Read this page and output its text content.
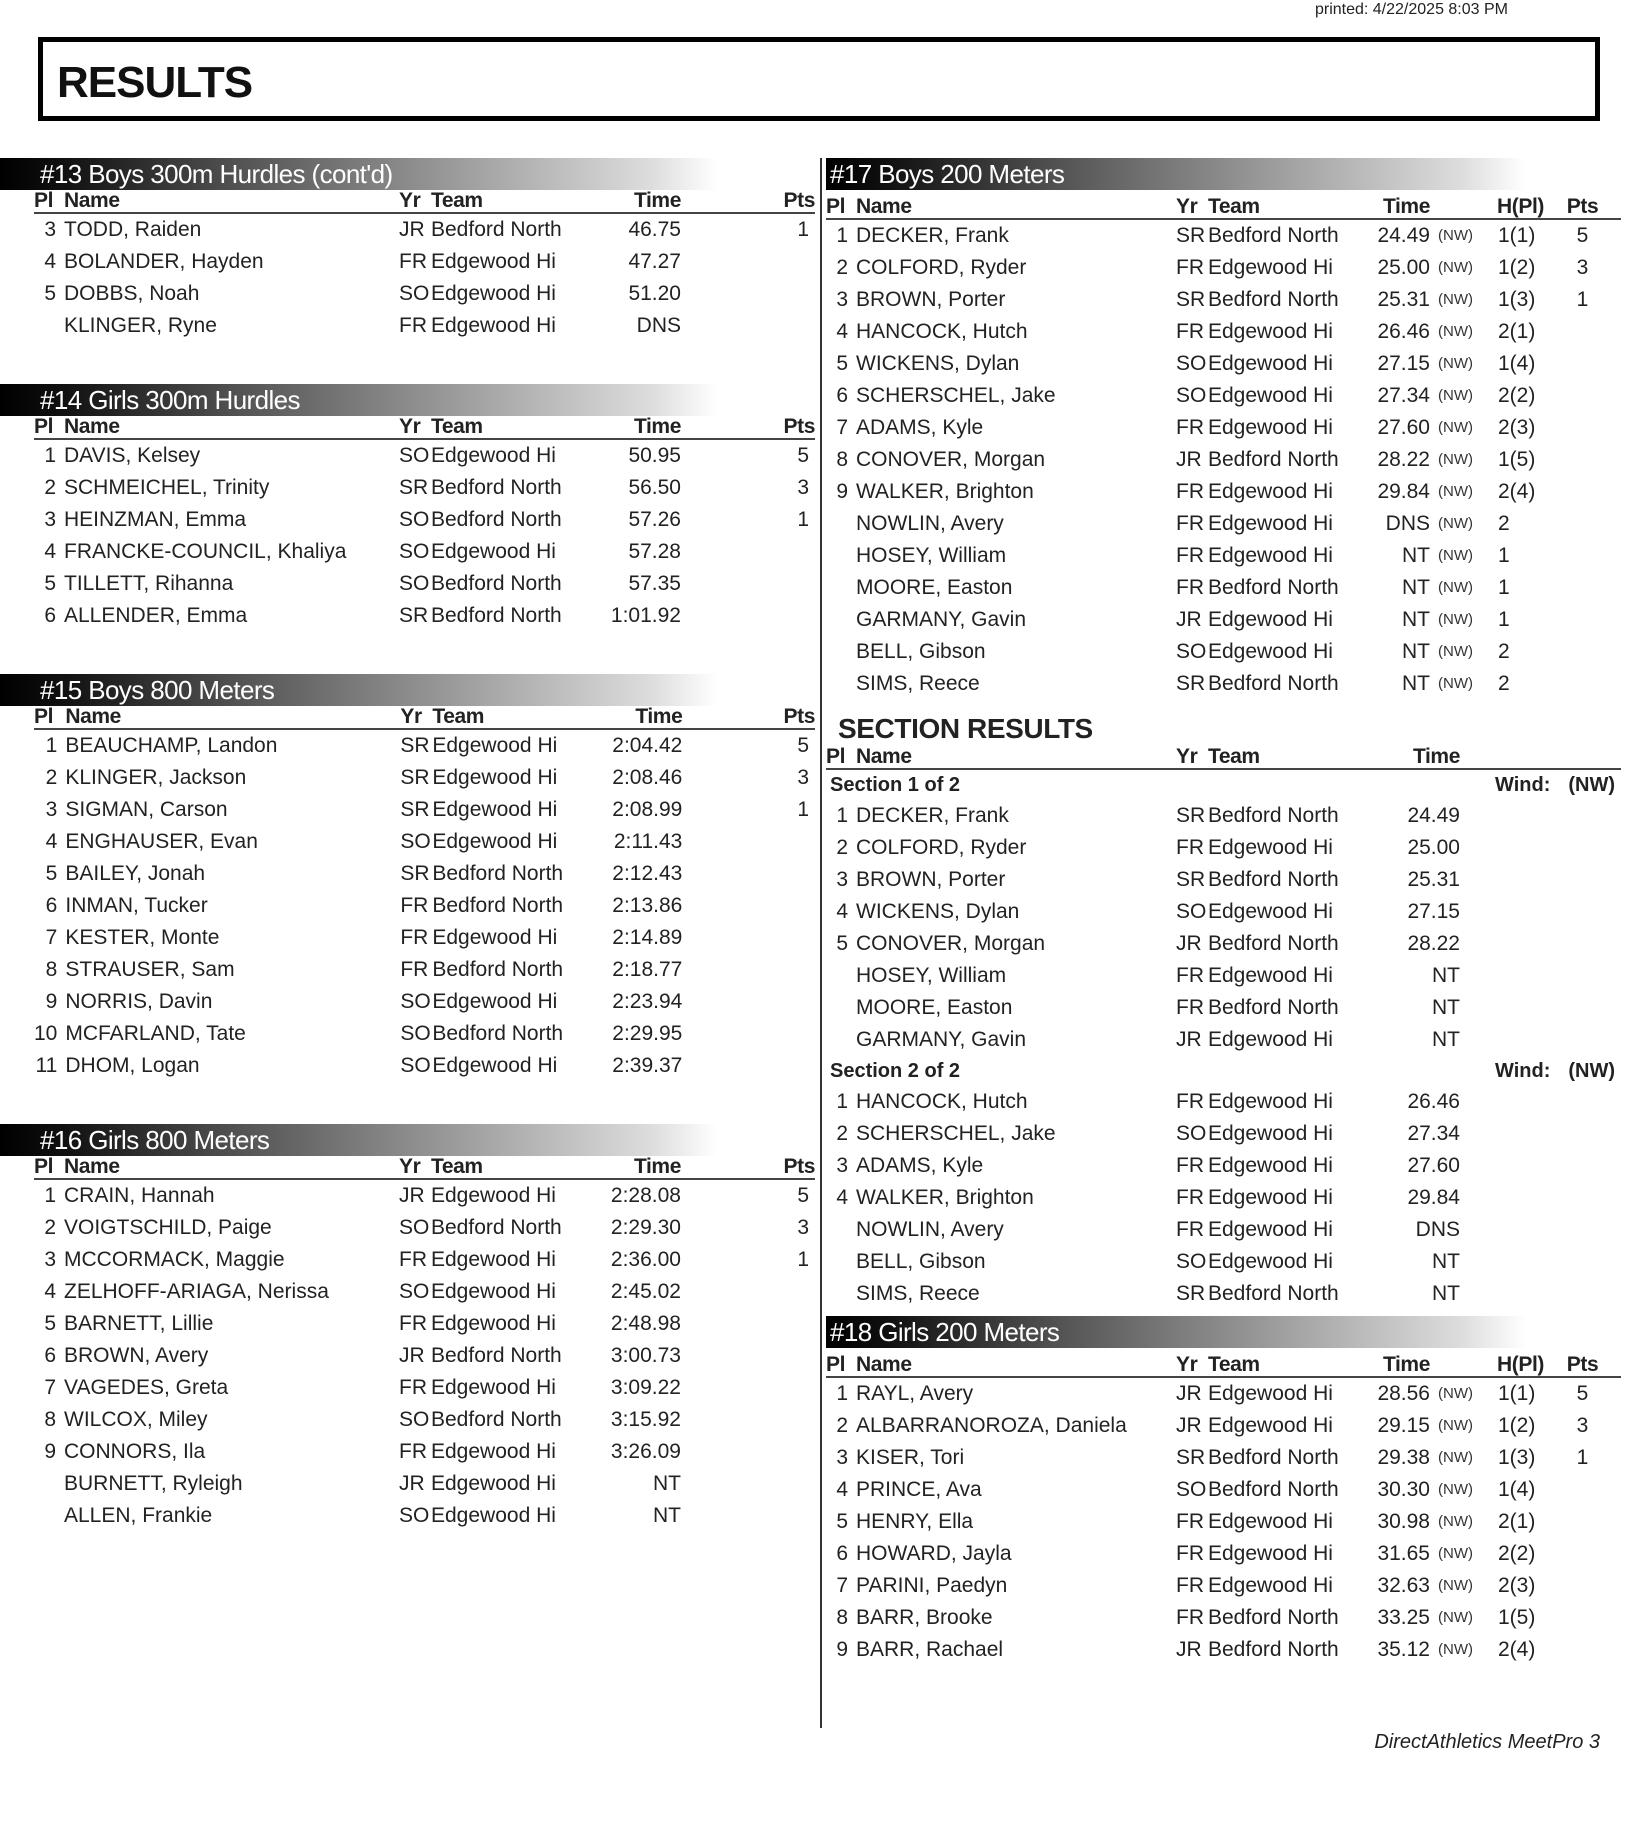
printed: 4/22/2025 8:03 PM
RESULTS
#13 Boys 300m Hurdles (cont'd)
Pl	Name	Yr	Team	Time	Pts
3	TODD, Raiden	JR	Bedford North	46.75	1
4	BOLANDER, Hayden	FR	Edgewood Hi	47.27	
5	DOBBS, Noah	SO	Edgewood Hi	51.20	
	KLINGER, Ryne	FR	Edgewood Hi	DNS	
#14 Girls 300m Hurdles
Pl	Name	Yr	Team	Time	Pts
1	DAVIS, Kelsey	SO	Edgewood Hi	50.95	5
2	SCHMEICHEL, Trinity	SR	Bedford North	56.50	3
3	HEINZMAN, Emma	SO	Bedford North	57.26	1
4	FRANCKE-COUNCIL, Khaliya	SO	Edgewood Hi	57.28	
5	TILLETT, Rihanna	SO	Bedford North	57.35	
6	ALLENDER, Emma	SR	Bedford North	1:01.92	
#15 Boys 800 Meters
Pl	Name	Yr	Team	Time	Pts
1	BEAUCHAMP, Landon	SR	Edgewood Hi	2:04.42	5
2	KLINGER, Jackson	SR	Edgewood Hi	2:08.46	3
3	SIGMAN, Carson	SR	Edgewood Hi	2:08.99	1
4	ENGHAUSER, Evan	SO	Edgewood Hi	2:11.43	
5	BAILEY, Jonah	SR	Bedford North	2:12.43	
6	INMAN, Tucker	FR	Bedford North	2:13.86	
7	KESTER, Monte	FR	Edgewood Hi	2:14.89	
8	STRAUSER, Sam	FR	Bedford North	2:18.77	
9	NORRIS, Davin	SO	Edgewood Hi	2:23.94	
10	MCFARLAND, Tate	SO	Bedford North	2:29.95	
11	DHOM, Logan	SO	Edgewood Hi	2:39.37	
#16 Girls 800 Meters
Pl	Name	Yr	Team	Time	Pts
1	CRAIN, Hannah	JR	Edgewood Hi	2:28.08	5
2	VOIGTSCHILD, Paige	SO	Bedford North	2:29.30	3
3	MCCORMACK, Maggie	FR	Edgewood Hi	2:36.00	1
4	ZELHOFF-ARIAGA, Nerissa	SO	Edgewood Hi	2:45.02	
5	BARNETT, Lillie	FR	Edgewood Hi	2:48.98	
6	BROWN, Avery	JR	Bedford North	3:00.73	
7	VAGEDES, Greta	FR	Edgewood Hi	3:09.22	
8	WILCOX, Miley	SO	Bedford North	3:15.92	
9	CONNORS, Ila	FR	Edgewood Hi	3:26.09	
	BURNETT, Ryleigh	JR	Edgewood Hi	NT	
	ALLEN, Frankie	SO	Edgewood Hi	NT	
#17 Boys 200 Meters
Pl	Name	Yr	Team	Time		H(Pl)	Pts
1	DECKER, Frank	SR	Bedford North	24.49	(NW)	1(1)	5
2	COLFORD, Ryder	FR	Edgewood Hi	25.00	(NW)	1(2)	3
3	BROWN, Porter	SR	Bedford North	25.31	(NW)	1(3)	1
4	HANCOCK, Hutch	FR	Edgewood Hi	26.46	(NW)	2(1)	
5	WICKENS, Dylan	SO	Edgewood Hi	27.15	(NW)	1(4)	
6	SCHERSCHEL, Jake	SO	Edgewood Hi	27.34	(NW)	2(2)	
7	ADAMS, Kyle	FR	Edgewood Hi	27.60	(NW)	2(3)	
8	CONOVER, Morgan	JR	Bedford North	28.22	(NW)	1(5)	
9	WALKER, Brighton	FR	Edgewood Hi	29.84	(NW)	2(4)	
	NOWLIN, Avery	FR	Edgewood Hi	DNS	(NW)	2	
	HOSEY, William	FR	Edgewood Hi	NT	(NW)	1	
	MOORE, Easton	FR	Bedford North	NT	(NW)	1	
	GARMANY, Gavin	JR	Edgewood Hi	NT	(NW)	1	
	BELL, Gibson	SO	Edgewood Hi	NT	(NW)	2	
	SIMS, Reece	SR	Bedford North	NT	(NW)	2	
SECTION RESULTS
Pl	Name	Yr	Team	Time	
Section 1 of 2				Wind: (NW)	
1	DECKER, Frank	SR	Bedford North	24.49	
2	COLFORD, Ryder	FR	Edgewood Hi	25.00	
3	BROWN, Porter	SR	Bedford North	25.31	
4	WICKENS, Dylan	SO	Edgewood Hi	27.15	
5	CONOVER, Morgan	JR	Bedford North	28.22	
	HOSEY, William	FR	Edgewood Hi	NT	
	MOORE, Easton	FR	Bedford North	NT	
	GARMANY, Gavin	JR	Edgewood Hi	NT	
Section 2 of 2				Wind: (NW)	
1	HANCOCK, Hutch	FR	Edgewood Hi	26.46	
2	SCHERSCHEL, Jake	SO	Edgewood Hi	27.34	
3	ADAMS, Kyle	FR	Edgewood Hi	27.60	
4	WALKER, Brighton	FR	Edgewood Hi	29.84	
	NOWLIN, Avery	FR	Edgewood Hi	DNS	
	BELL, Gibson	SO	Edgewood Hi	NT	
	SIMS, Reece	SR	Bedford North	NT	
#18 Girls 200 Meters
Pl	Name	Yr	Team	Time		H(Pl)	Pts
1	RAYL, Avery	JR	Edgewood Hi	28.56	(NW)	1(1)	5
2	ALBARRANOROZA, Daniela	JR	Edgewood Hi	29.15	(NW)	1(2)	3
3	KISER, Tori	SR	Bedford North	29.38	(NW)	1(3)	1
4	PRINCE, Ava	SO	Bedford North	30.30	(NW)	1(4)	
5	HENRY, Ella	FR	Edgewood Hi	30.98	(NW)	2(1)	
6	HOWARD, Jayla	FR	Edgewood Hi	31.65	(NW)	2(2)	
7	PARINI, Paedyn	FR	Edgewood Hi	32.63	(NW)	2(3)	
8	BARR, Brooke	FR	Bedford North	33.25	(NW)	1(5)	
9	BARR, Rachael	JR	Bedford North	35.12	(NW)	2(4)	
DirectAthletics MeetPro 3
